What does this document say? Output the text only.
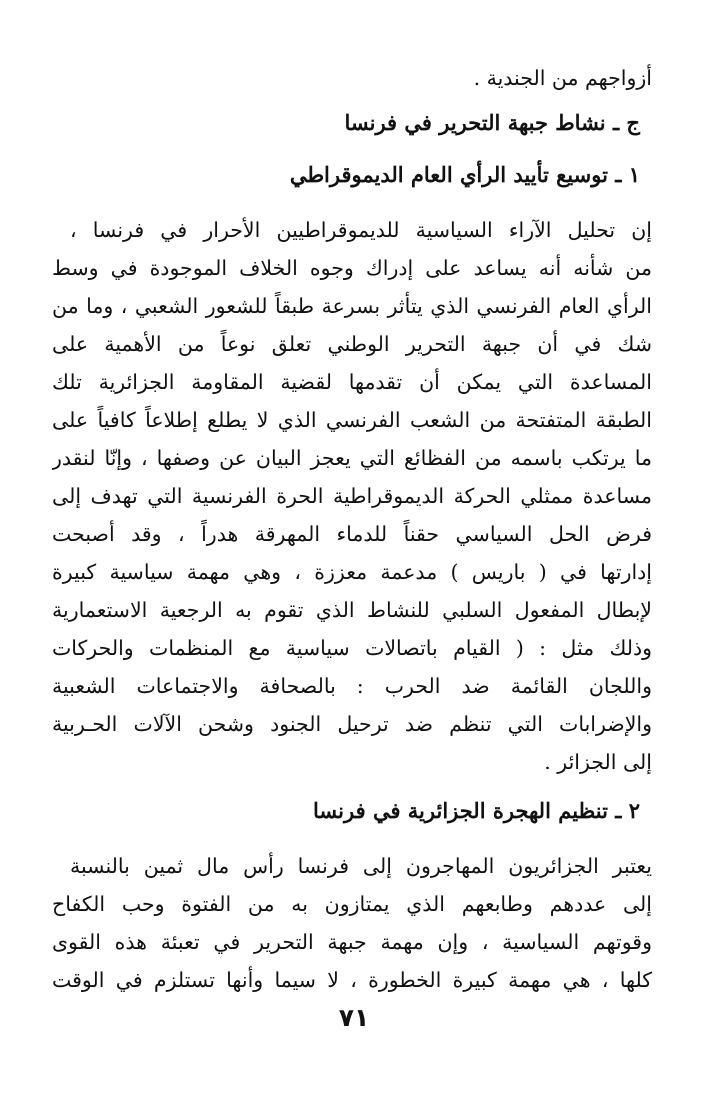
أزواجهم من الجندية .
ج ـ نشاط جبهة التحرير في فرنسا
١ ـ توسيع تأييد الرأي العام الديموقراطي
إن تحليل الآراء السياسية للديموقراطيين الأحرار في فرنسا ،
من شأنه أنه يساعد على إدراك وجوه الخلاف الموجودة في وسط
الرأي العام الفرنسي الذي يتأثر بسرعة طبقاً للشعور الشعبي ، وما من
شك في أن جبهة التحرير الوطني تعلق نوعاً من الأهمية على
المساعدة التي يمكن أن تقدمها لقضية المقاومة الجزائرية تلك
الطبقة المتفتحة من الشعب الفرنسي الذي لا يطلع إطلاعاً كافياً على
ما يرتكب باسمه من الفظائع التي يعجز البيان عن وصفها ، وإنّا لنقدر
مساعدة ممثلي الحركة الديموقراطية الحرة الفرنسية التي تهدف إلى
فرض الحل السياسي حقناً للدماء المهرقة هدراً ، وقد أصبحت
إدارتها في ( باريس ) مدعمة معززة ، وهي مهمة سياسية كبيرة
لإبطال المفعول السلبي للنشاط الذي تقوم به الرجعية الاستعمارية
وذلك مثل : ( القيام باتصالات سياسية مع المنظمات والحركات
واللجان القائمة ضد الحرب : بالصحافة والاجتماعات الشعبية
والإضرابات التي تنظم ضد ترحيل الجنود وشحن الآلات الحـربية
إلى الجزائر .
٢ ـ تنظيم الهجرة الجزائرية في فرنسا
يعتبر الجزائريون المهاجرون إلى فرنسا رأس مال ثمين بالنسبة
إلى عددهم وطابعهم الذي يمتازون به من الفتوة وحب الكفاح
وقوتهم السياسية ، وإن مهمة جبهة التحرير في تعبئة هذه القوى
كلها ، هي مهمة كبيرة الخطورة ، لا سيما وأنها تستلزم في الوقت
٧١
